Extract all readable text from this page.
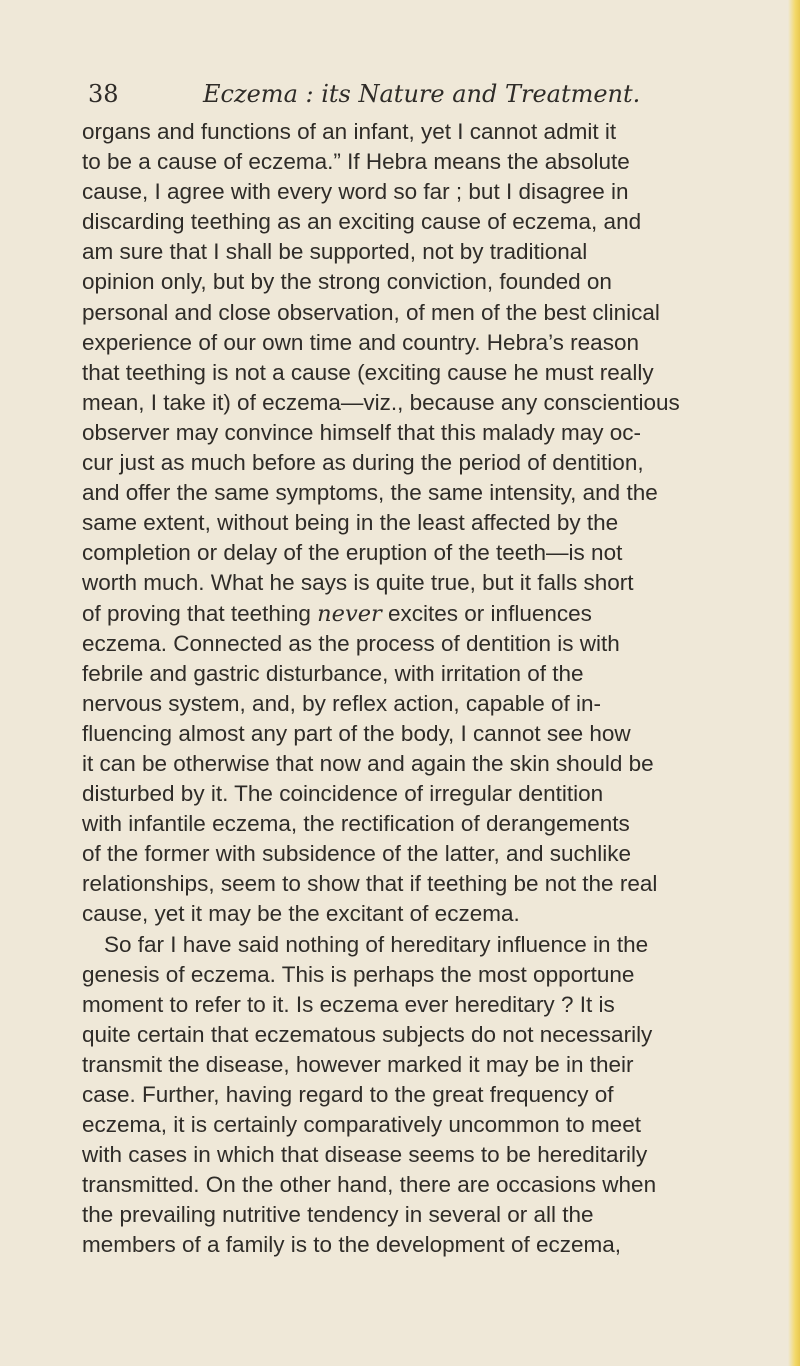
38	Eczema : its Nature and Treatment.
organs and functions of an infant, yet I cannot admit it
to be a cause of eczema.” If Hebra means the absolute
cause, I agree with every word so far ; but I disagree in
discarding teething as an exciting cause of eczema, and
am sure that I shall be supported, not by traditional
opinion only, but by the strong conviction, founded on
personal and close observation, of men of the best clinical
experience of our own time and country. Hebra’s reason
that teething is not a cause (exciting cause he must really
mean, I take it) of eczema—viz., because any conscientious
observer may convince himself that this malady may oc-
cur just as much before as during the period of dentition,
and offer the same symptoms, the same intensity, and the
same extent, without being in the least affected by the
completion or delay of the eruption of the teeth—is not
worth much. What he says is quite true, but it falls short
of proving that teething never excites or influences
eczema. Connected as the process of dentition is with
febrile and gastric disturbance, with irritation of the
nervous system, and, by reflex action, capable of in-
fluencing almost any part of the body, I cannot see how
it can be otherwise that now and again the skin should be
disturbed by it. The coincidence of irregular dentition
with infantile eczema, the rectification of derangements
of the former with subsidence of the latter, and suchlike
relationships, seem to show that if teething be not the real
cause, yet it may be the excitant of eczema.
So far I have said nothing of hereditary influence in the
genesis of eczema. This is perhaps the most opportune
moment to refer to it. Is eczema ever hereditary ? It is
quite certain that eczematous subjects do not necessarily
transmit the disease, however marked it may be in their
case. Further, having regard to the great frequency of
eczema, it is certainly comparatively uncommon to meet
with cases in which that disease seems to be hereditarily
transmitted. On the other hand, there are occasions when
the prevailing nutritive tendency in several or all the
members of a family is to the development of eczema,
